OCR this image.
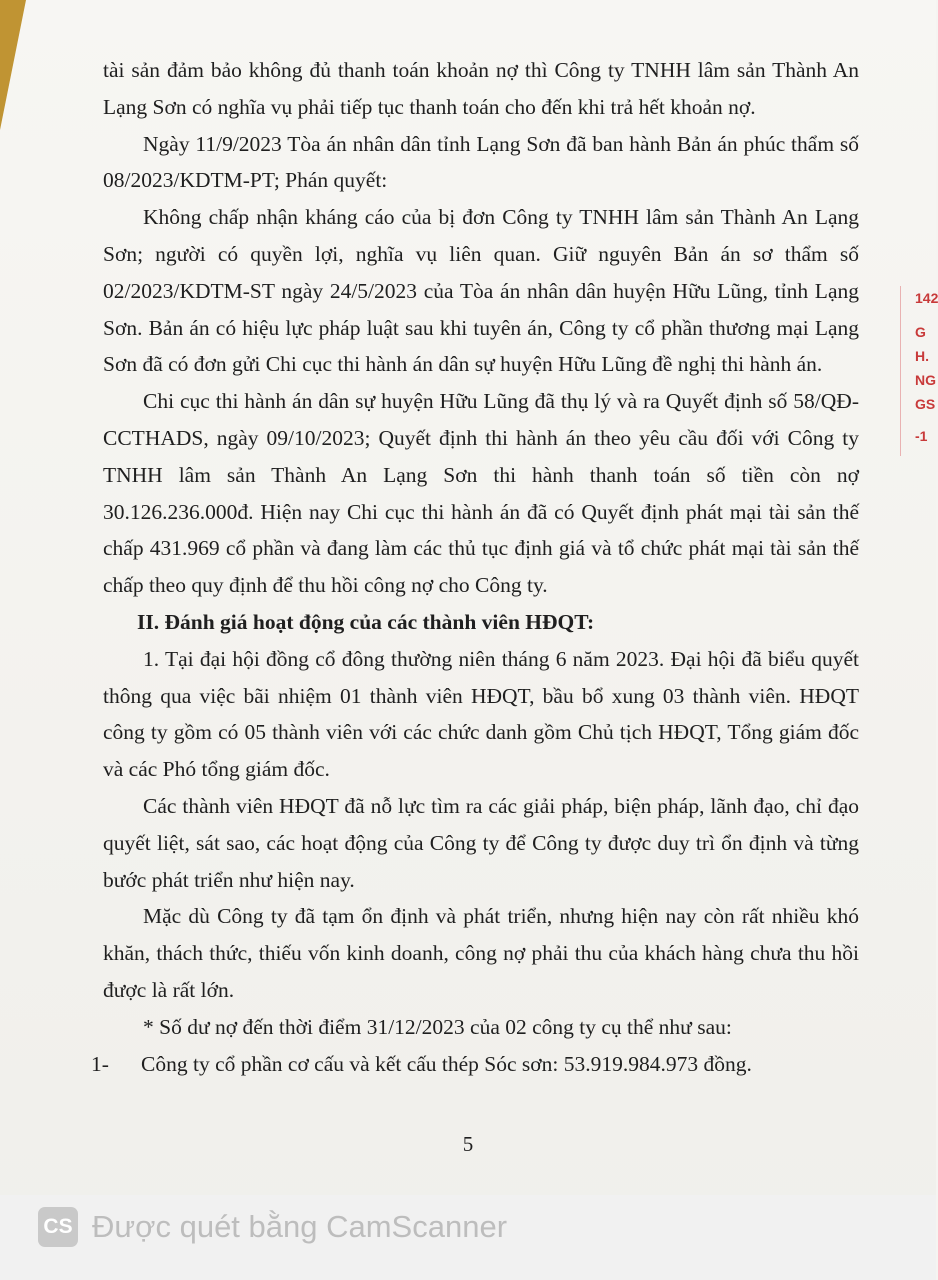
tài sản đảm bảo không đủ thanh toán khoản nợ thì Công ty TNHH lâm sản Thành An Lạng Sơn có nghĩa vụ phải tiếp tục thanh toán cho đến khi trả hết khoản nợ.

Ngày 11/9/2023 Tòa án nhân dân tỉnh Lạng Sơn đã ban hành Bản án phúc thẩm số 08/2023/KDTM-PT; Phán quyết:

Không chấp nhận kháng cáo của bị đơn Công ty TNHH lâm sản Thành An Lạng Sơn; người có quyền lợi, nghĩa vụ liên quan. Giữ nguyên Bản án sơ thẩm số 02/2023/KDTM-ST ngày 24/5/2023 của Tòa án nhân dân huyện Hữu Lũng, tỉnh Lạng Sơn. Bản án có hiệu lực pháp luật sau khi tuyên án, Công ty cổ phần thương mại Lạng Sơn đã có đơn gửi Chi cục thi hành án dân sự huyện Hữu Lũng đề nghị thi hành án.

Chi cục thi hành án dân sự huyện Hữu Lũng đã thụ lý và ra Quyết định số 58/QĐ-CCTHADS, ngày 09/10/2023; Quyết định thi hành án theo yêu cầu đối với Công ty TNHH lâm sản Thành An Lạng Sơn thi hành thanh toán số tiền còn nợ 30.126.236.000đ. Hiện nay Chi cục thi hành án đã có Quyết định phát mại tài sản thế chấp 431.969 cổ phần và đang làm các thủ tục định giá và tổ chức phát mại tài sản thế chấp theo quy định để thu hồi công nợ cho Công ty.

II. Đánh giá hoạt động của các thành viên HĐQT:

1. Tại đại hội đồng cổ đông thường niên tháng 6 năm 2023. Đại hội đã biểu quyết thông qua việc bãi nhiệm 01 thành viên HĐQT, bầu bổ xung 03 thành viên. HĐQT công ty gồm có 05 thành viên với các chức danh gồm Chủ tịch HĐQT, Tổng giám đốc và các Phó tổng giám đốc.

Các thành viên HĐQT đã nỗ lực tìm ra các giải pháp, biện pháp, lãnh đạo, chỉ đạo quyết liệt, sát sao, các hoạt động của Công ty để Công ty được duy trì ổn định và từng bước phát triển như hiện nay.

Mặc dù Công ty đã tạm ổn định và phát triển, nhưng hiện nay còn rất nhiều khó khăn, thách thức, thiếu vốn kinh doanh, công nợ phải thu của khách hàng chưa thu hồi được là rất lớn.

* Số dư nợ đến thời điểm 31/12/2023 của 02 công ty cụ thể như sau:

1-	Công ty cổ phần cơ cấu và kết cấu thép Sóc sơn: 53.919.984.973 đồng.
5
142
G
H.
NG
GS
-1
CS Được quét bằng CamScanner
